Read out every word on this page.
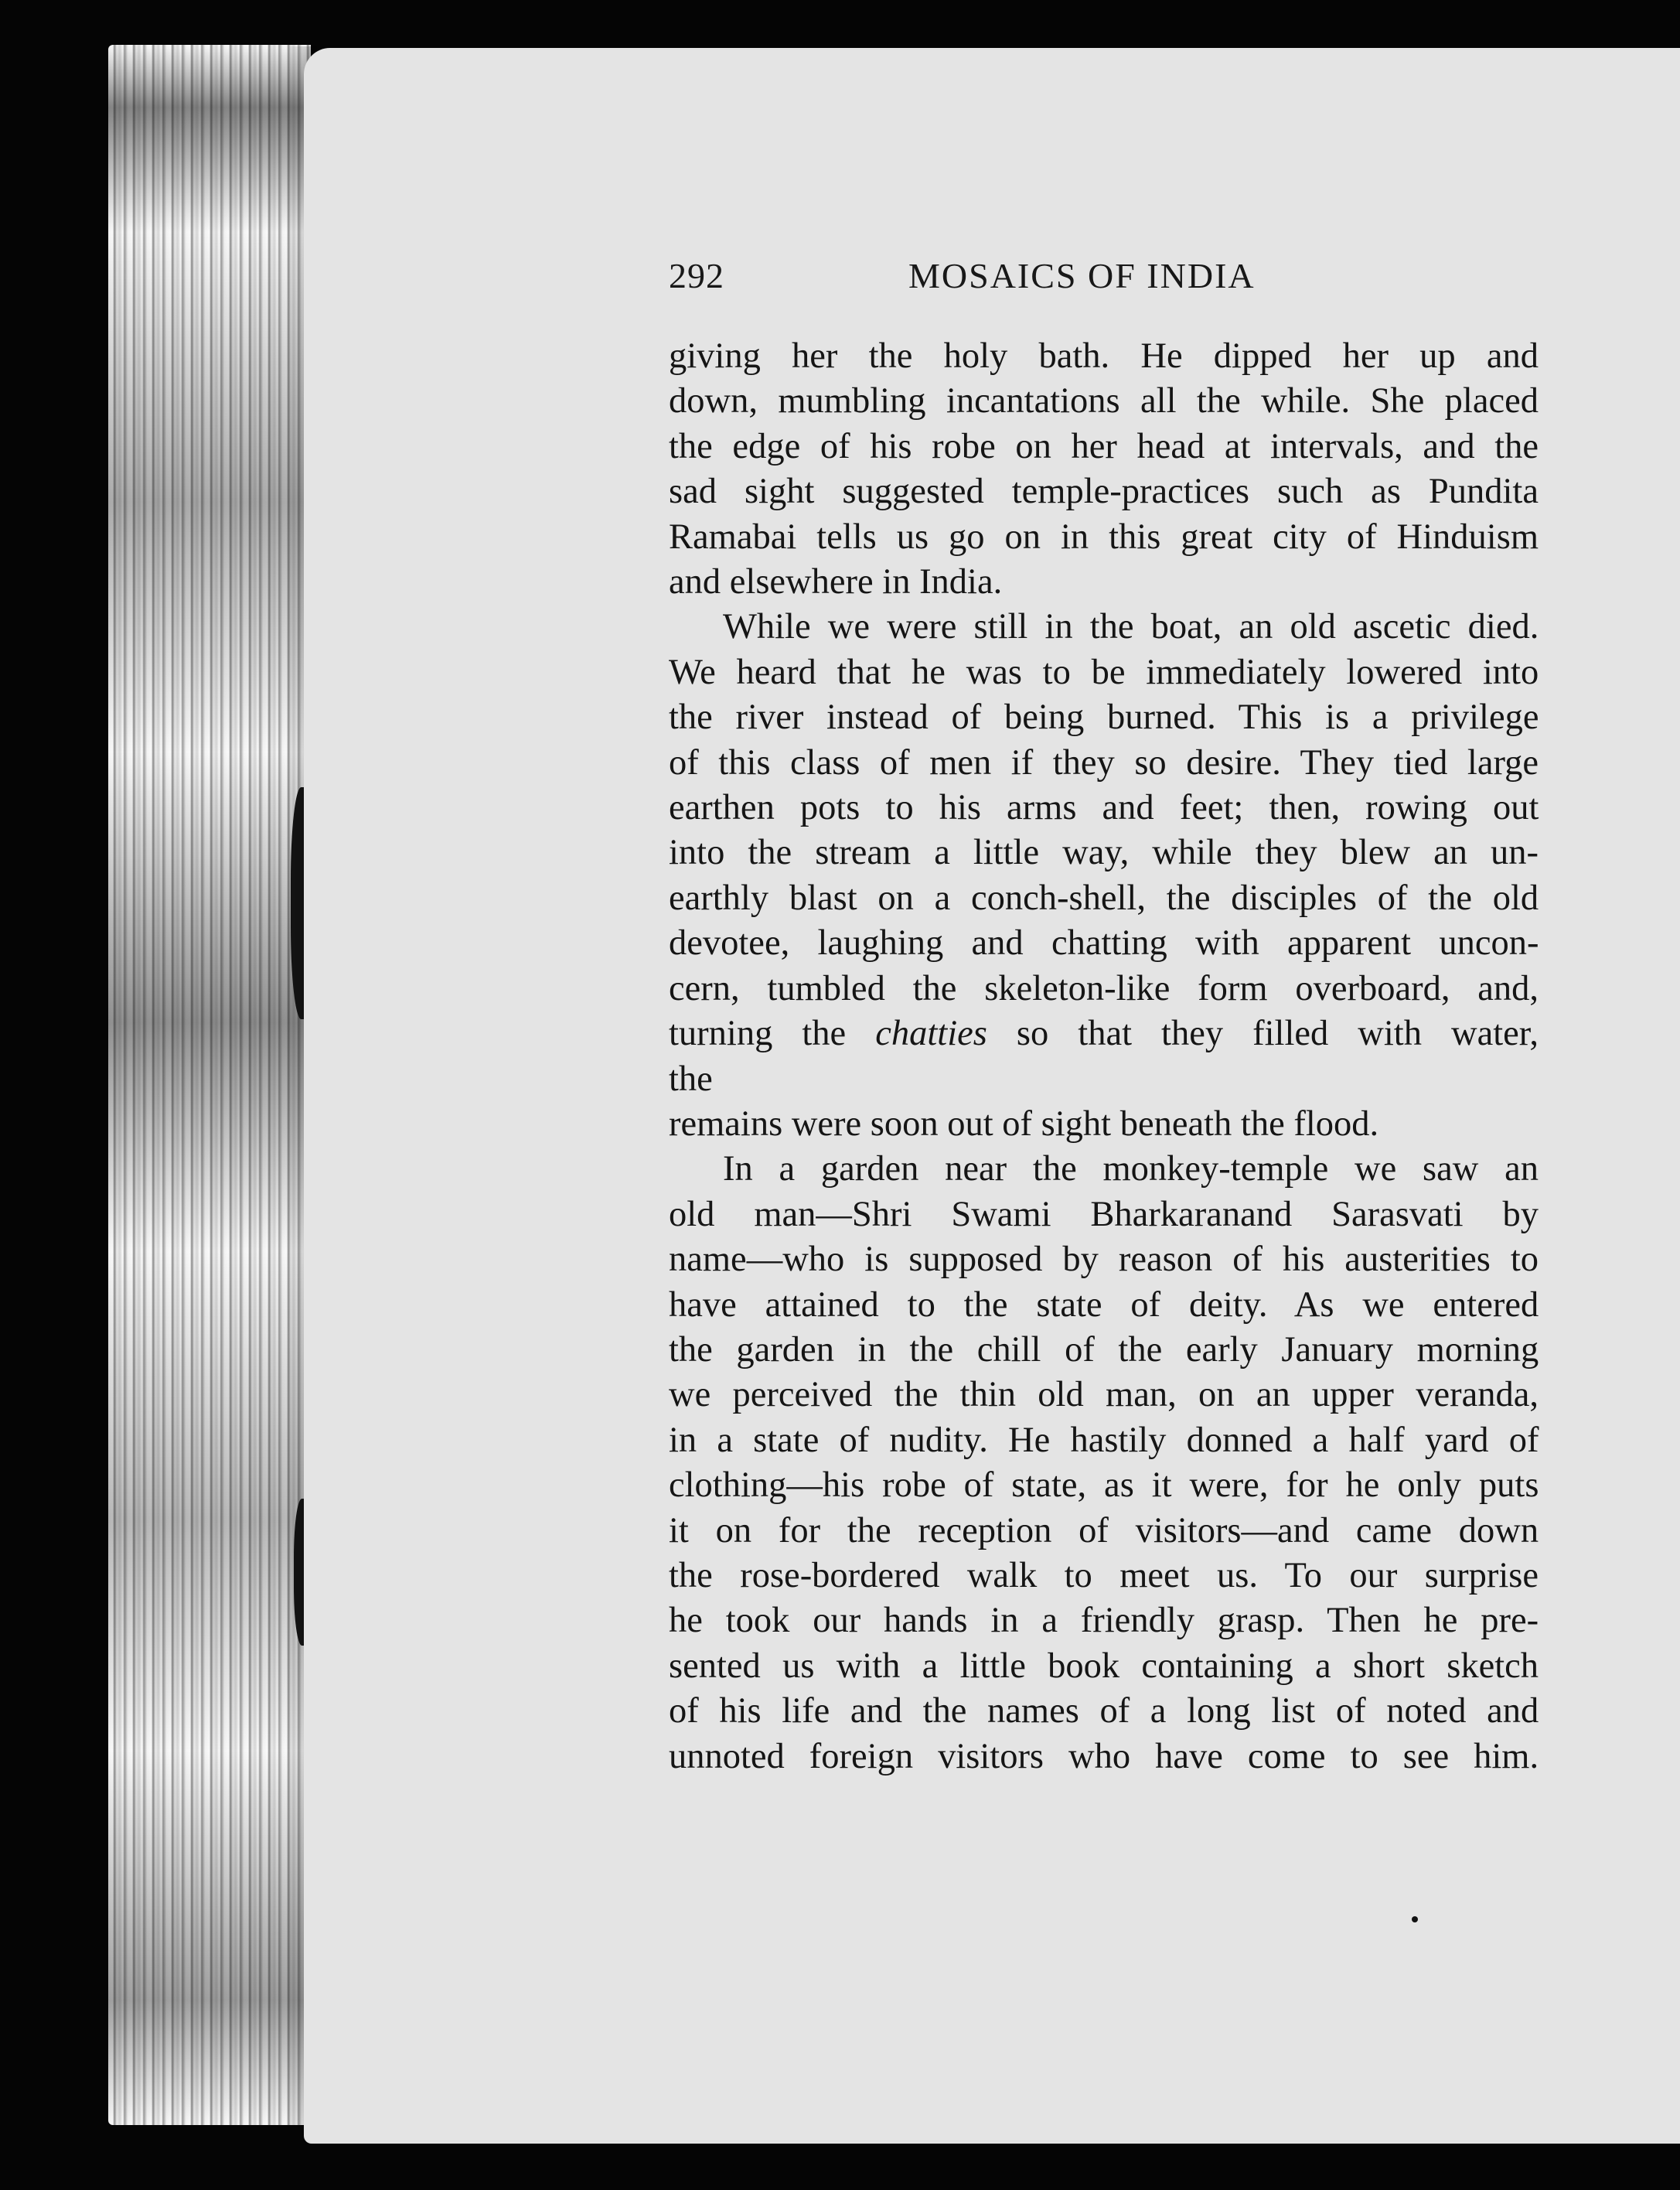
292	MOSAICS OF INDIA

giving her the holy bath. He dipped her up and
down, mumbling incantations all the while. She placed
the edge of his robe on her head at intervals, and the
sad sight suggested temple-practices such as Pundita
Ramabai tells us go on in this great city of Hinduism
and elsewhere in India.

While we were still in the boat, an old ascetic died.
We heard that he was to be immediately lowered into
the river instead of being burned. This is a privilege
of this class of men if they so desire. They tied large
earthen pots to his arms and feet; then, rowing out
into the stream a little way, while they blew an un-
earthly blast on a conch-shell, the disciples of the old
devotee, laughing and chatting with apparent uncon-
cern, tumbled the skeleton-like form overboard, and,
turning the chatties so that they filled with water, the
remains were soon out of sight beneath the flood.

In a garden near the monkey-temple we saw an
old man—Shri Swami Bharkaranand Sarasvati by
name—who is supposed by reason of his austerities to
have attained to the state of deity. As we entered
the garden in the chill of the early January morning
we perceived the thin old man, on an upper veranda,
in a state of nudity. He hastily donned a half yard of
clothing—his robe of state, as it were, for he only puts
it on for the reception of visitors—and came down
the rose-bordered walk to meet us. To our surprise
he took our hands in a friendly grasp. Then he pre-
sented us with a little book containing a short sketch
of his life and the names of a long list of noted and
unnoted foreign visitors who have come to see him.
